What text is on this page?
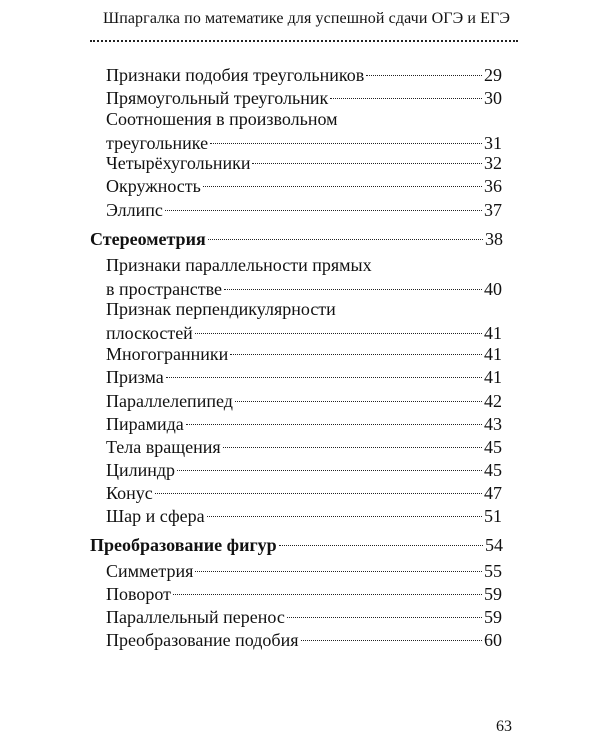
Шпаргалка по математике для успешной сдачи ОГЭ и ЕГЭ
Признаки подобия треугольников	29
Прямоугольный треугольник	30
Соотношения в произвольном
треугольнике	31
Четырёхугольники	32
Окружность	36
Эллипс	37
Стереометрия	38
Признаки параллельности прямых
в пространстве	40
Признак перпендикулярности
плоскостей	41
Многогранники	41
Призма	41
Параллелепипед	42
Пирамида	43
Тела вращения	45
Цилиндр	45
Конус	47
Шар и сфера	51
Преобразование фигур	54
Симметрия	55
Поворот	59
Параллельный перенос	59
Преобразование подобия	60
63
